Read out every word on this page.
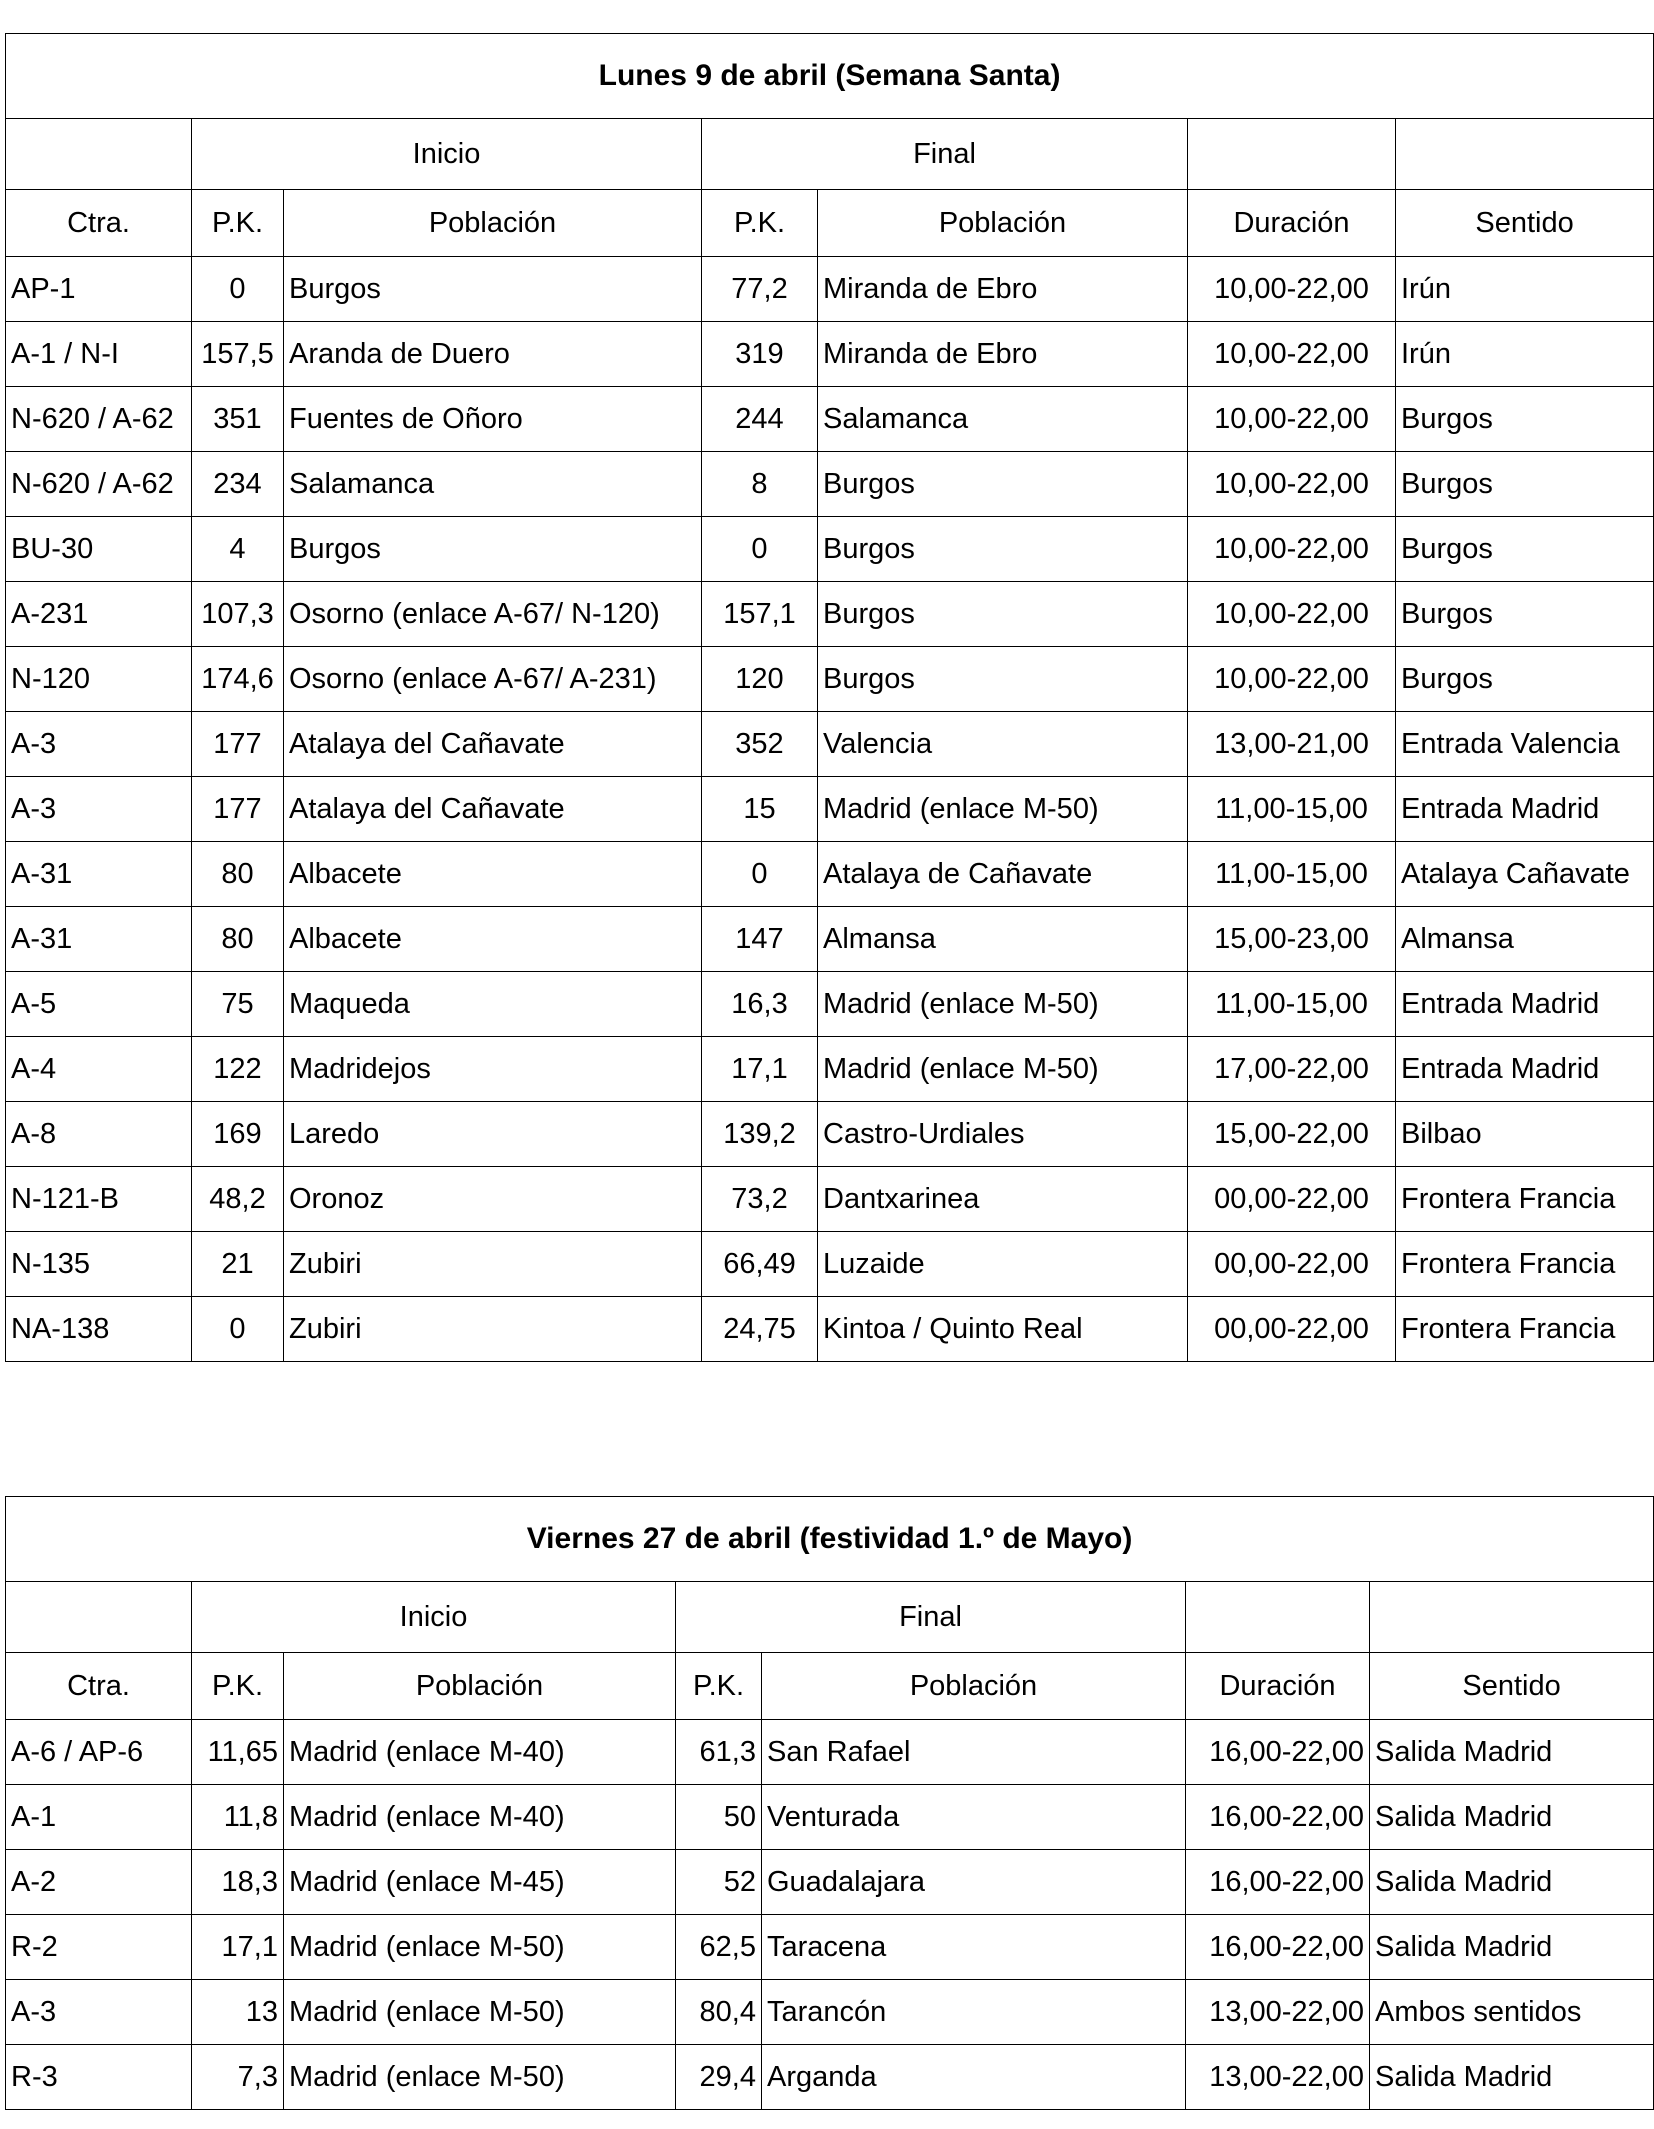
Lunes 9 de abril (Semana Santa)						
	Inicio		Final			
Ctra.	P.K.	Población	P.K.	Población	Duración	Sentido
AP-1	0	Burgos	77,2	Miranda de Ebro	10,00-22,00	Irún
A-1 / N-I	157,5	Aranda de Duero	319	Miranda de Ebro	10,00-22,00	Irún
N-620 / A-62	351	Fuentes de Oñoro	244	Salamanca	10,00-22,00	Burgos
N-620 / A-62	234	Salamanca	8	Burgos	10,00-22,00	Burgos
BU-30	4	Burgos	0	Burgos	10,00-22,00	Burgos
A-231	107,3	Osorno (enlace A-67/ N-120)	157,1	Burgos	10,00-22,00	Burgos
N-120	174,6	Osorno (enlace A-67/ A-231)	120	Burgos	10,00-22,00	Burgos
A-3	177	Atalaya del Cañavate	352	Valencia	13,00-21,00	Entrada Valencia
A-3	177	Atalaya del Cañavate	15	Madrid (enlace M-50)	11,00-15,00	Entrada Madrid
A-31	80	Albacete	0	Atalaya de Cañavate	11,00-15,00	Atalaya Cañavate
A-31	80	Albacete	147	Almansa	15,00-23,00	Almansa
A-5	75	Maqueda	16,3	Madrid (enlace M-50)	11,00-15,00	Entrada Madrid
A-4	122	Madridejos	17,1	Madrid (enlace M-50)	17,00-22,00	Entrada Madrid
A-8	169	Laredo	139,2	Castro-Urdiales	15,00-22,00	Bilbao
N-121-B	48,2	Oronoz	73,2	Dantxarinea	00,00-22,00	Frontera Francia
N-135	21	Zubiri	66,49	Luzaide	00,00-22,00	Frontera Francia
NA-138	0	Zubiri	24,75	Kintoa / Quinto Real	00,00-22,00	Frontera Francia
Viernes 27 de abril (festividad 1.º de Mayo)						
	Inicio		Final			
Ctra.	P.K.	Población	P.K.	Población	Duración	Sentido
A-6 / AP-6	11,65	Madrid (enlace M-40)	61,3	San Rafael	16,00-22,00	Salida Madrid
A-1	11,8	Madrid (enlace M-40)	50	Venturada	16,00-22,00	Salida Madrid
A-2	18,3	Madrid (enlace M-45)	52	Guadalajara	16,00-22,00	Salida Madrid
R-2	17,1	Madrid (enlace M-50)	62,5	Taracena	16,00-22,00	Salida Madrid
A-3	13	Madrid (enlace M-50)	80,4	Tarancón	13,00-22,00	Ambos sentidos
R-3	7,3	Madrid (enlace M-50)	29,4	Arganda	13,00-22,00	Salida Madrid
